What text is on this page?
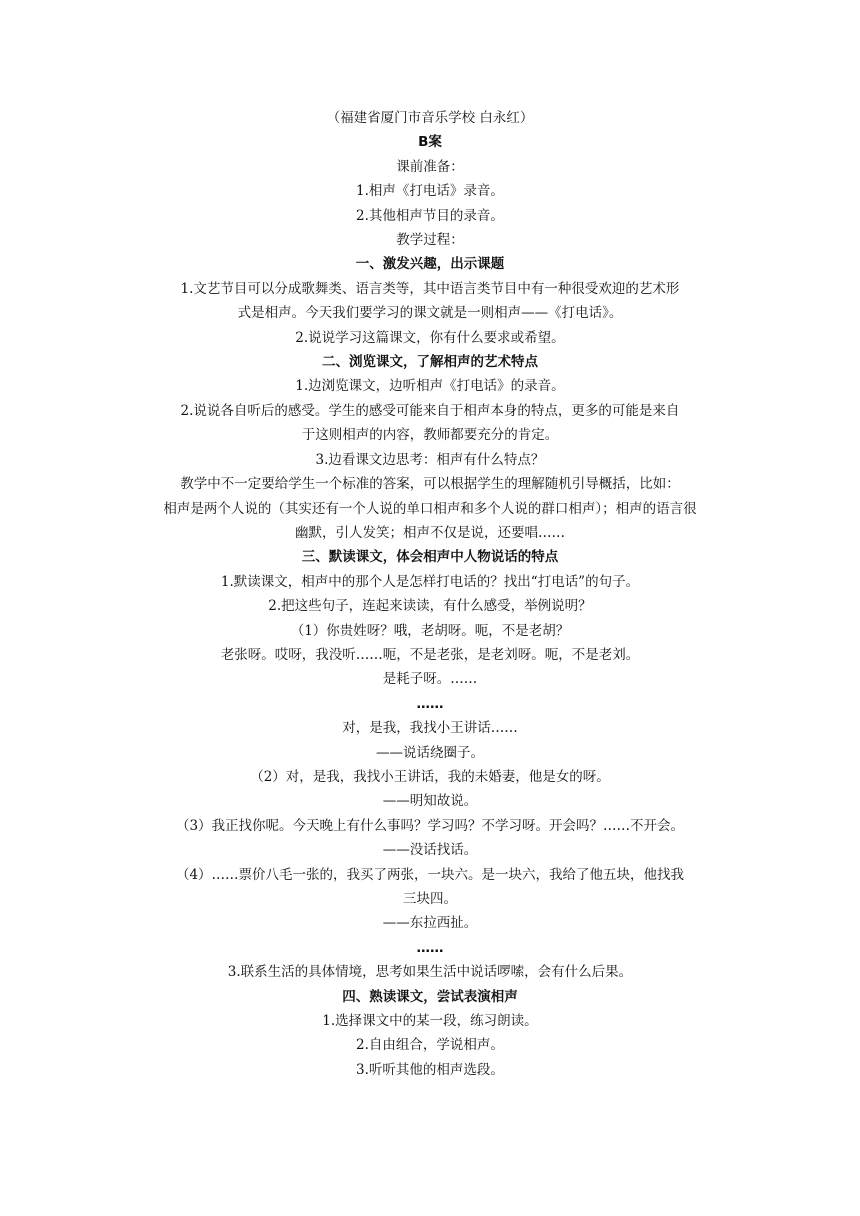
（福建省厦门市音乐学校 白永红）
B案
课前准备：
1.相声《打电话》录音。
2.其他相声节目的录音。
教学过程：
一、激发兴趣，出示课题
1.文艺节目可以分成歌舞类、语言类等，其中语言类节目中有一种很受欢迎的艺术形
式是相声。今天我们要学习的课文就是一则相声——《打电话》。
2.说说学习这篇课文，你有什么要求或希望。
二、浏览课文，了解相声的艺术特点
1.边浏览课文，边听相声《打电话》的录音。
2.说说各自听后的感受。学生的感受可能来自于相声本身的特点，更多的可能是来自
于这则相声的内容，教师都要充分的肯定。
3.边看课文边思考：相声有什么特点？
教学中不一定要给学生一个标准的答案，可以根据学生的理解随机引导概括，比如：
相声是两个人说的（其实还有一个人说的单口相声和多个人说的群口相声）；相声的语言很
幽默，引人发笑；相声不仅是说，还要唱……
三、默读课文，体会相声中人物说话的特点
1.默读课文，相声中的那个人是怎样打电话的？找出“打电话”的句子。
2.把这些句子，连起来读读，有什么感受，举例说明？
（1）你贵姓呀？哦，老胡呀。呃，不是老胡？
老张呀。哎呀，我没听……呃，不是老张，是老刘呀。呃，不是老刘。
是耗子呀。……
……
对，是我，我找小王讲话……
——说话绕圈子。
（2）对，是我，我找小王讲话，我的未婚妻，他是女的呀。
——明知故说。
（3）我正找你呢。今天晚上有什么事吗？学习吗？不学习呀。开会吗？……不开会。
——没话找话。
（4）……票价八毛一张的，我买了两张，一块六。是一块六，我给了他五块，他找我
三块四。
——东拉西扯。
……
3.联系生活的具体情境，思考如果生活中说话啰嗦，会有什么后果。
四、熟读课文，尝试表演相声
1.选择课文中的某一段，练习朗读。
2.自由组合，学说相声。
3.听听其他的相声选段。
